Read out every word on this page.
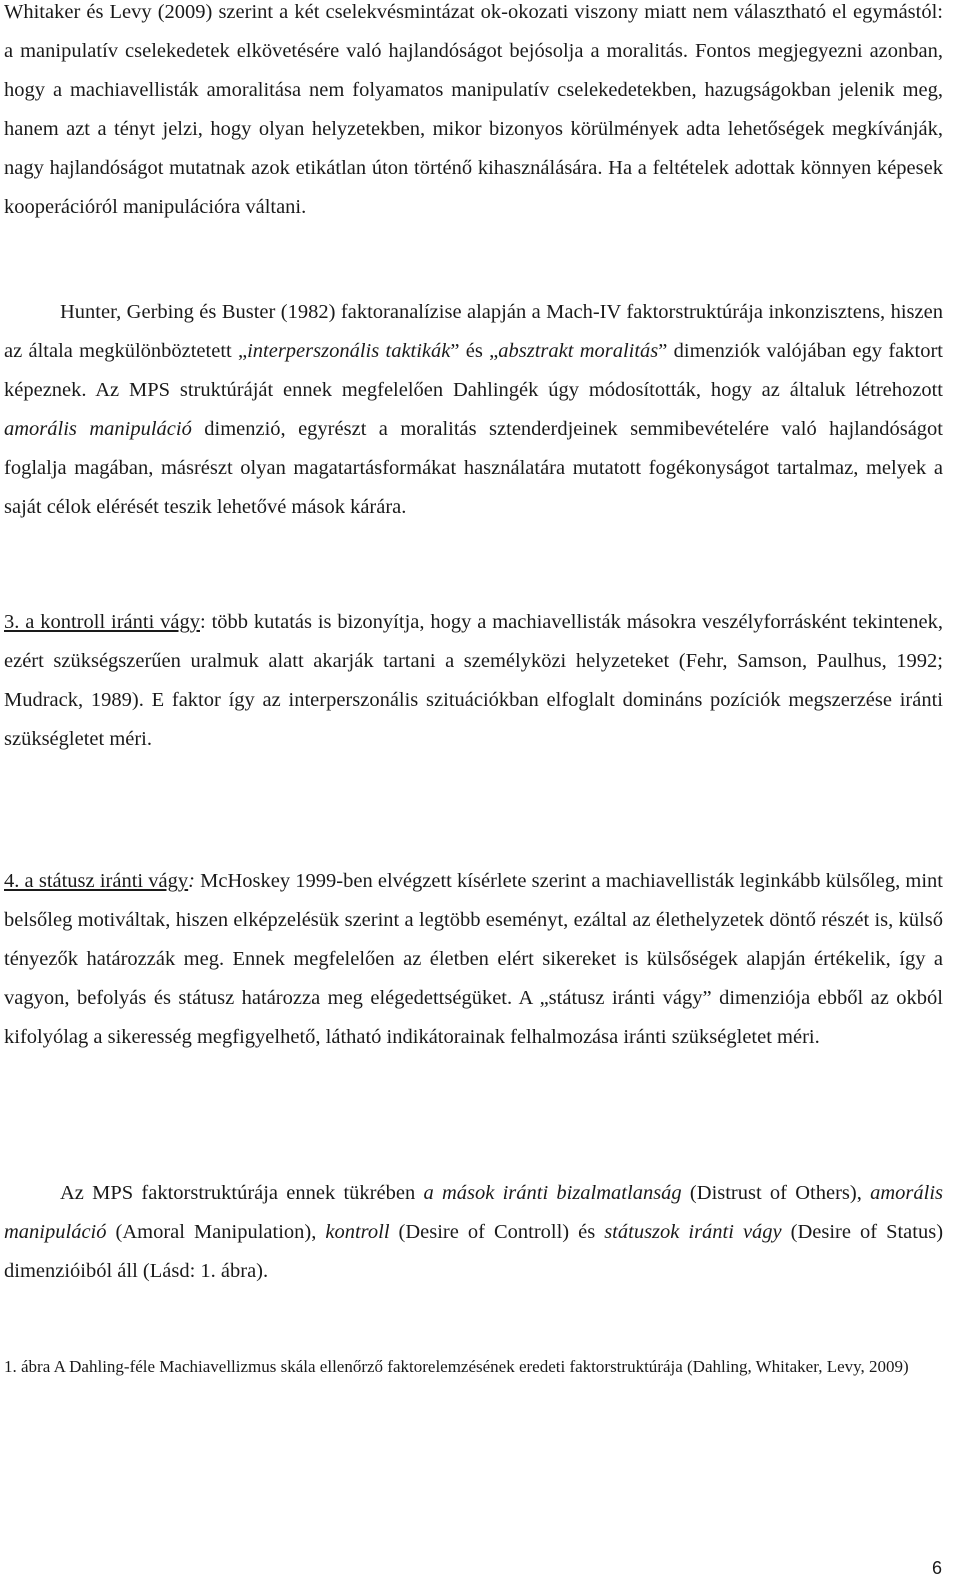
Whitaker és Levy (2009) szerint a két cselekvésmintázat ok-okozati viszony miatt nem választható el egymástól: a manipulatív cselekedetek elkövetésére való hajlandóságot bejósolja a moralitás. Fontos megjegyezni azonban, hogy a machiavellisták amoralitása nem folyamatos manipulatív cselekedetekben, hazugságokban jelenik meg, hanem azt a tényt jelzi, hogy olyan helyzetekben, mikor bizonyos körülmények adta lehetőségek megkívánják, nagy hajlandóságot mutatnak azok etikátlan úton történő kihasználására. Ha a feltételek adottak könnyen képesek kooperációról manipulációra váltani.

Hunter, Gerbing és Buster (1982) faktoranalízise alapján a Mach-IV faktorstruktúrája inkonzisztens, hiszen az általa megkülönböztetett „interperszonális taktikák” és „absztrakt moralitás” dimenziók valójában egy faktort képeznek. Az MPS struktúráját ennek megfelelően Dahlingék úgy módosították, hogy az általuk létrehozott amorális manipuláció dimenzió, egyrészt a moralitás sztenderdjeinek semmibevételére való hajlandóságot foglalja magában, másrészt olyan magatartásformákat használatára mutatott fogékonyságot tartalmaz, melyek a saját célok elérését teszik lehetővé mások kárára.

3. a kontroll iránti vágy: több kutatás is bizonyítja, hogy a machiavellisták másokra veszélyforrásként tekintenek, ezért szükségszerűen uralmuk alatt akarják tartani a személyközi helyzeteket (Fehr, Samson, Paulhus, 1992; Mudrack, 1989). E faktor így az interperszonális szituációkban elfoglalt domináns pozíciók megszerzése iránti szükségletet méri.

4. a státusz iránti vágy: McHoskey 1999-ben elvégzett kísérlete szerint a machiavellisták leginkább külsőleg, mint belsőleg motiváltak, hiszen elképzelésük szerint a legtöbb eseményt, ezáltal az élethelyzetek döntő részét is, külső tényezők határozzák meg. Ennek megfelelően az életben elért sikereket is külsőségek alapján értékelik, így a vagyon, befolyás és státusz határozza meg elégedettségüket. A „státusz iránti vágy” dimenziója ebből az okból kifolyólag a sikeresség megfigyelhető, látható indikátorainak felhalmozása iránti szükségletet méri.

Az MPS faktorstruktúrája ennek tükrében a mások iránti bizalmatlanság (Distrust of Others), amorális manipuláció (Amoral Manipulation), kontroll (Desire of Controll) és státuszok iránti vágy (Desire of Status) dimenzióiból áll (Lásd: 1. ábra).

1. ábra A Dahling-féle Machiavellizmus skála ellenőrző faktorelemzésének eredeti faktorstruktúrája (Dahling, Whitaker, Levy, 2009)

6
